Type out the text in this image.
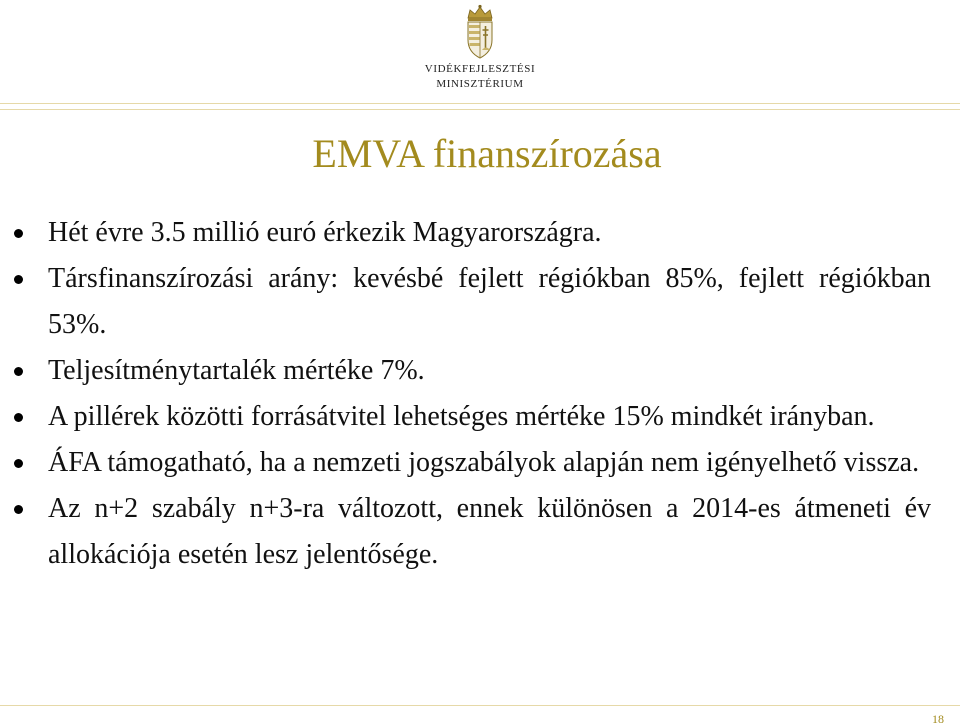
VIDÉKFEJLESZTÉSI
MINISZTÉRIUM
EMVA finanszírozása
Hét évre 3.5 millió euró érkezik Magyarországra.
Társfinanszírozási arány: kevésbé fejlett régiókban 85%, fejlett régiókban 53%.
Teljesítménytartalék mértéke 7%.
A pillérek közötti forrásátvitel lehetséges mértéke 15% mindkét irányban.
ÁFA támogatható, ha a nemzeti jogszabályok alapján nem igényelhető vissza.
Az n+2 szabály n+3-ra változott, ennek különösen a 2014-es átmeneti év allokációja esetén lesz jelentősége.
18
